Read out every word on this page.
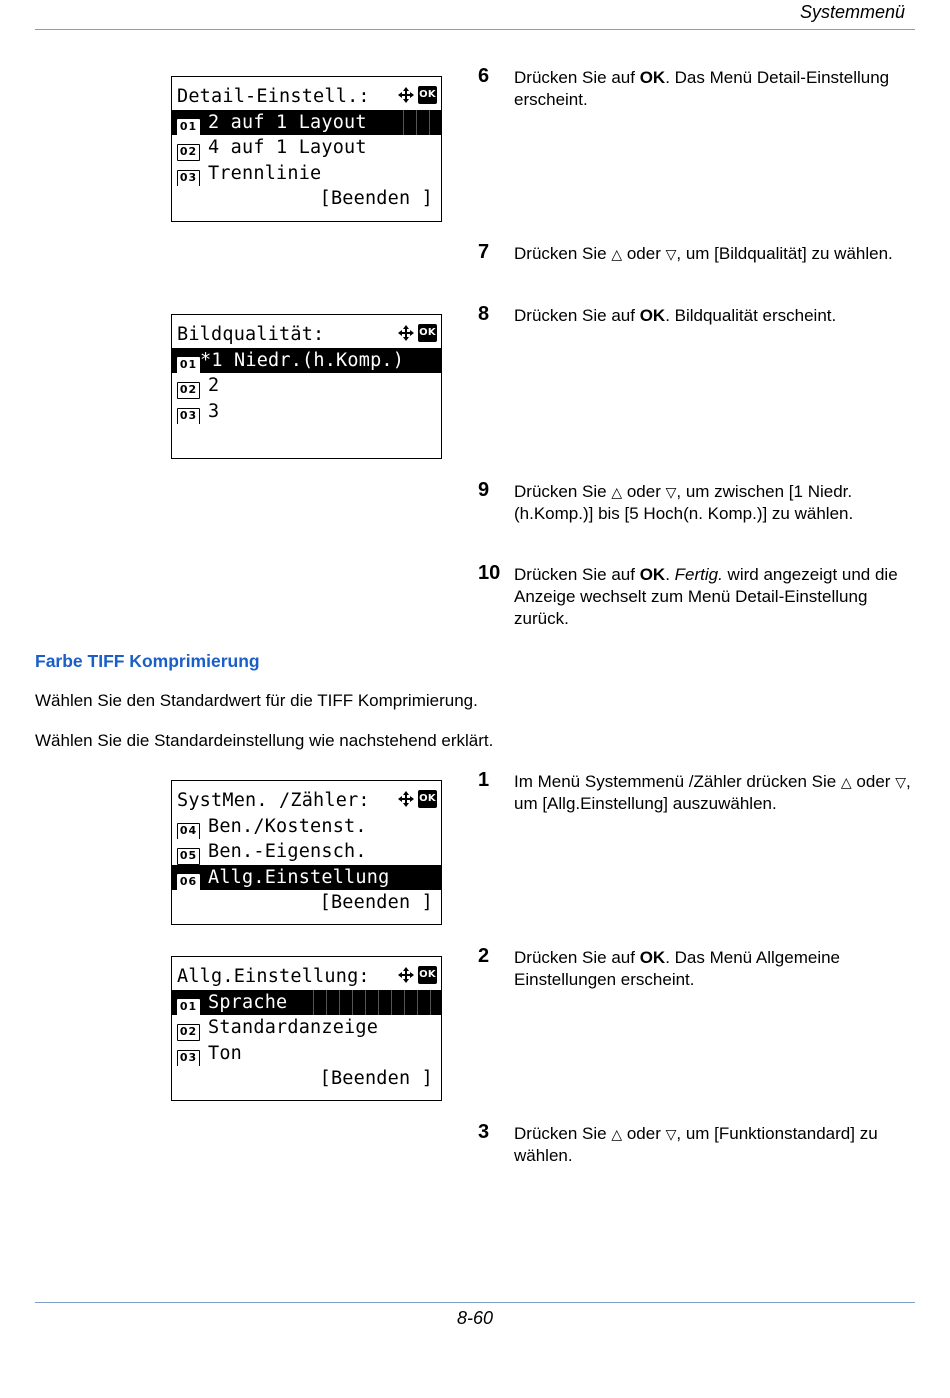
Systemmenü
8-60
Detail-Einstell.:	OK
01 2 auf 1 Layout
02 4 auf 1 Layout
03 Trennlinie
[Beenden ]
Bildqualität:	OK
01 *1 Niedr.(h.Komp.)
02 2
03 3
SystMen. /Zähler:	OK
04 Ben./Kostenst.
05 Ben.-Eigensch.
06 Allg.Einstellung
[Beenden ]
Allg.Einstellung:	OK
01 Sprache
02 Standardanzeige
03 Ton
[Beenden ]
6 Drücken Sie auf OK. Das Menü Detail-Einstellung erscheint.
7 Drücken Sie △ oder ▽, um [Bildqualität] zu wählen.
8 Drücken Sie auf OK. Bildqualität erscheint.
9 Drücken Sie △ oder ▽, um zwischen [1 Niedr.(h.Komp.)] bis [5 Hoch(n. Komp.)] zu wählen.
10 Drücken Sie auf OK. Fertig. wird angezeigt und die Anzeige wechselt zum Menü Detail-Einstellung zurück.
Farbe TIFF Komprimierung
Wählen Sie den Standardwert für die TIFF Komprimierung.
Wählen Sie die Standardeinstellung wie nachstehend erklärt.
1 Im Menü Systemmenü /Zähler drücken Sie △ oder ▽, um [Allg.Einstellung] auszuwählen.
2 Drücken Sie auf OK. Das Menü Allgemeine Einstellungen erscheint.
3 Drücken Sie △ oder ▽, um [Funktionstandard] zu wählen.
